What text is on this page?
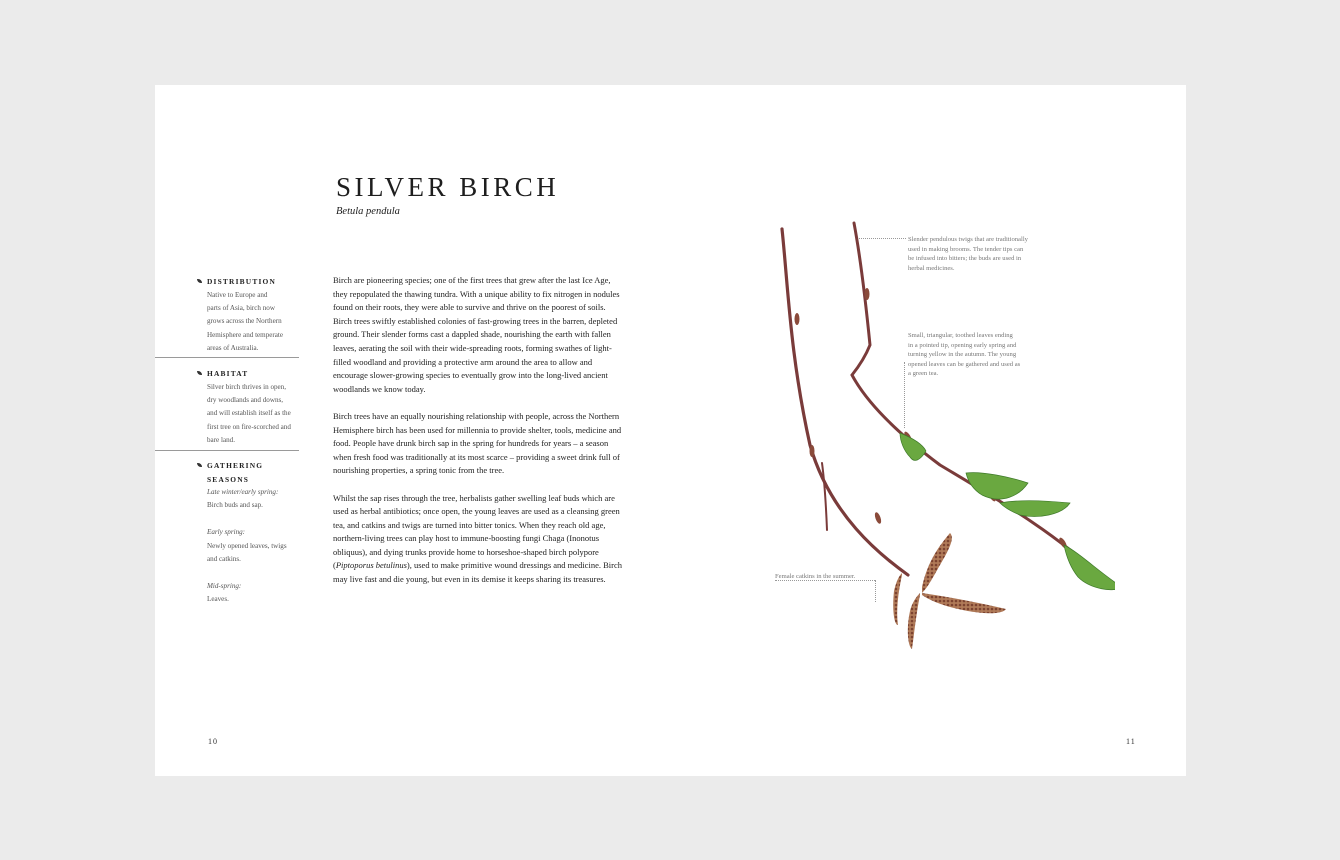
SILVER BIRCH
Betula pendula
DISTRIBUTION
Native to Europe and
parts of Asia, birch now
grows across the Northern
Hemisphere and temperate
areas of Australia.
HABITAT
Silver birch thrives in open,
dry woodlands and downs,
and will establish itself as the
first tree on fire-scorched and
bare land.
GATHERING
SEASONS
Late winter/early spring:
Birch buds and sap.
Early spring:
Newly opened leaves, twigs
and catkins.
Mid-spring:
Leaves.

Birch are pioneering species; one of the first trees that grew after the last Ice Age, they repopulated the thawing tundra. With a unique ability to fix nitrogen in nodules found on their roots, they were able to survive and thrive on the poorest of soils. Birch trees swiftly established colonies of fast-growing trees in the barren, depleted ground. Their slender forms cast a dappled shade, nourishing the earth with fallen leaves, aerating the soil with their wide-spreading roots, forming swathes of light-filled woodland and providing a protective arm around the area to allow and encourage slower-growing species to eventually grow into the long-lived ancient woodlands we know today.

Birch trees have an equally nourishing relationship with people, across the Northern Hemisphere birch has been used for millennia to provide shelter, tools, medicine and food. People have drunk birch sap in the spring for hundreds for years – a season when fresh food was traditionally at its most scarce – providing a sweet drink full of nourishing properties, a spring tonic from the tree.

Whilst the sap rises through the tree, herbalists gather swelling leaf buds which are used as herbal antibiotics; once open, the young leaves are used as a cleansing green tea, and catkins and twigs are turned into bitter tonics. When they reach old age, northern-living trees can play host to immune-boosting fungi Chaga (Inonotus obliquus), and dying trunks provide home to horseshoe-shaped birch polypore (Piptoporus betulinus), used to make primitive wound dressings and medicine. Birch may live fast and die young, but even in its demise it keeps sharing its treasures.

Slender pendulous twigs that are traditionally
used in making brooms. The tender tips can
be infused into bitters; the buds are used in
herbal medicines.
Small, triangular, toothed leaves ending
in a pointed tip, opening early spring and
turning yellow in the autumn. The young
opened leaves can be gathered and used as
a green tea.
Female catkins in the summer.
10	11
